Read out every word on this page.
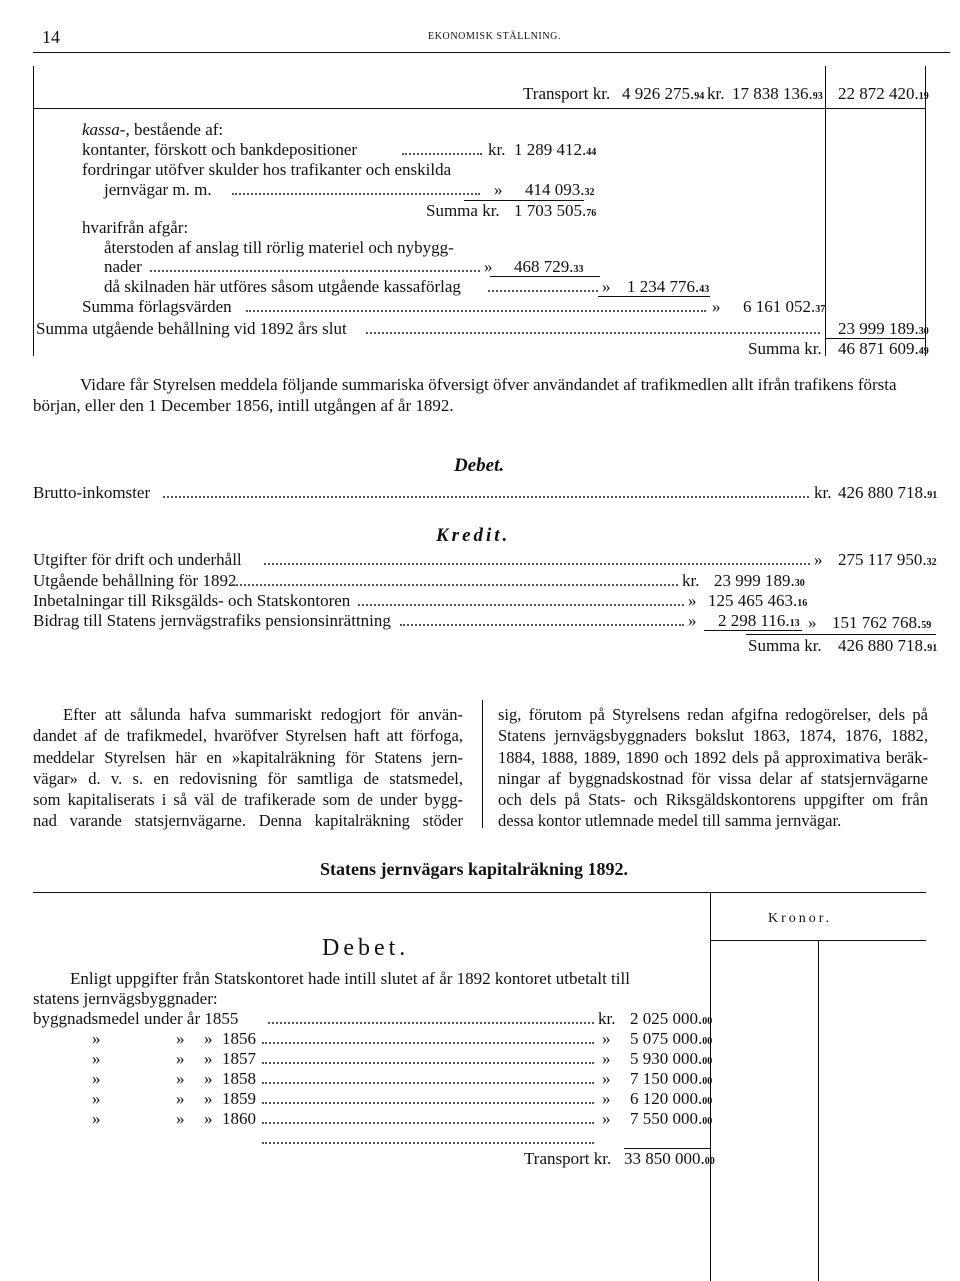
14	EKONOMISK STÄLLNING.
Transport kr. 4 926 275.94 kr. 17 838 136.93 22 872 420.19
kassa-, bestående af:
kontanter, förskott och bankdepositioner	kr. 1 289 412.44
fordringar utöfver skulder hos trafikanter och enskilda
jernvägar m. m.	» 414 093.32
Summa kr. 1 703 505.76
hvarifrån afgår:
återstoden af anslag till rörlig materiel och nybygg-
nader	» 468 729.33
då skilnaden här utföres såsom utgående kassaförlag	» 1 234 776.43
Summa förlagsvärden	» 6 161 052.37
Summa utgående behållning vid 1892 års slut	23 999 189.30
Summa kr. 46 871 609.49
Vidare får Styrelsen meddela följande summariska öfversigt öfver användandet af trafikmedlen allt ifrån trafikens första
början, eller den 1 December 1856, intill utgången af år 1892.
Debet.
Brutto-inkomster	kr. 426 880 718.91
Kredit.
Utgifter för drift och underhåll	» 275 117 950.32
Utgående behållning för 1892	kr. 23 999 189.30
Inbetalningar till Riksgälds- och Statskontoren	» 125 465 463.16
Bidrag till Statens jernvägstrafiks pensionsinrättning	» 2 298 116.13 » 151 762 768.59
Summa kr. 426 880 718.91
Efter att sålunda hafva summariskt redogjort för använ-
dandet af de trafikmedel, hvaröfver Styrelsen haft att förfoga,
meddelar Styrelsen här en »kapitalräkning för Statens jern-
vägar» d. v. s. en redovisning för samtliga de statsmedel,
som kapitaliserats i så väl de trafikerade som de under bygg-
nad varande statsjernvägarne. Denna kapitalräkning stöder
sig, förutom på Styrelsens redan afgifna redogörelser, dels på
Statens jernvägsbyggnaders bokslut 1863, 1874, 1876, 1882,
1884, 1888, 1889, 1890 och 1892 dels på approximativa beräk-
ningar af byggnadskostnad för vissa delar af statsjernvägarne
och dels på Stats- och Riksgäldskontorens uppgifter om från
dessa kontor utlemnade medel till samma jernvägar.
Statens jernvägars kapitalräkning 1892.
Kronor.
Debet.
Enligt uppgifter från Statskontoret hade intill slutet af år 1892 kontoret utbetalt till
statens jernvägsbyggnader:
byggnadsmedel under år 1855	kr. 2 025 000.00
»	» » 1856	» 5 075 000.00
»	» » 1857	» 5 930 000.00
»	» » 1858	» 7 150 000.00
»	» » 1859	» 6 120 000.00
»	» » 1860	» 7 550 000.00
Transport kr. 33 850 000.00
